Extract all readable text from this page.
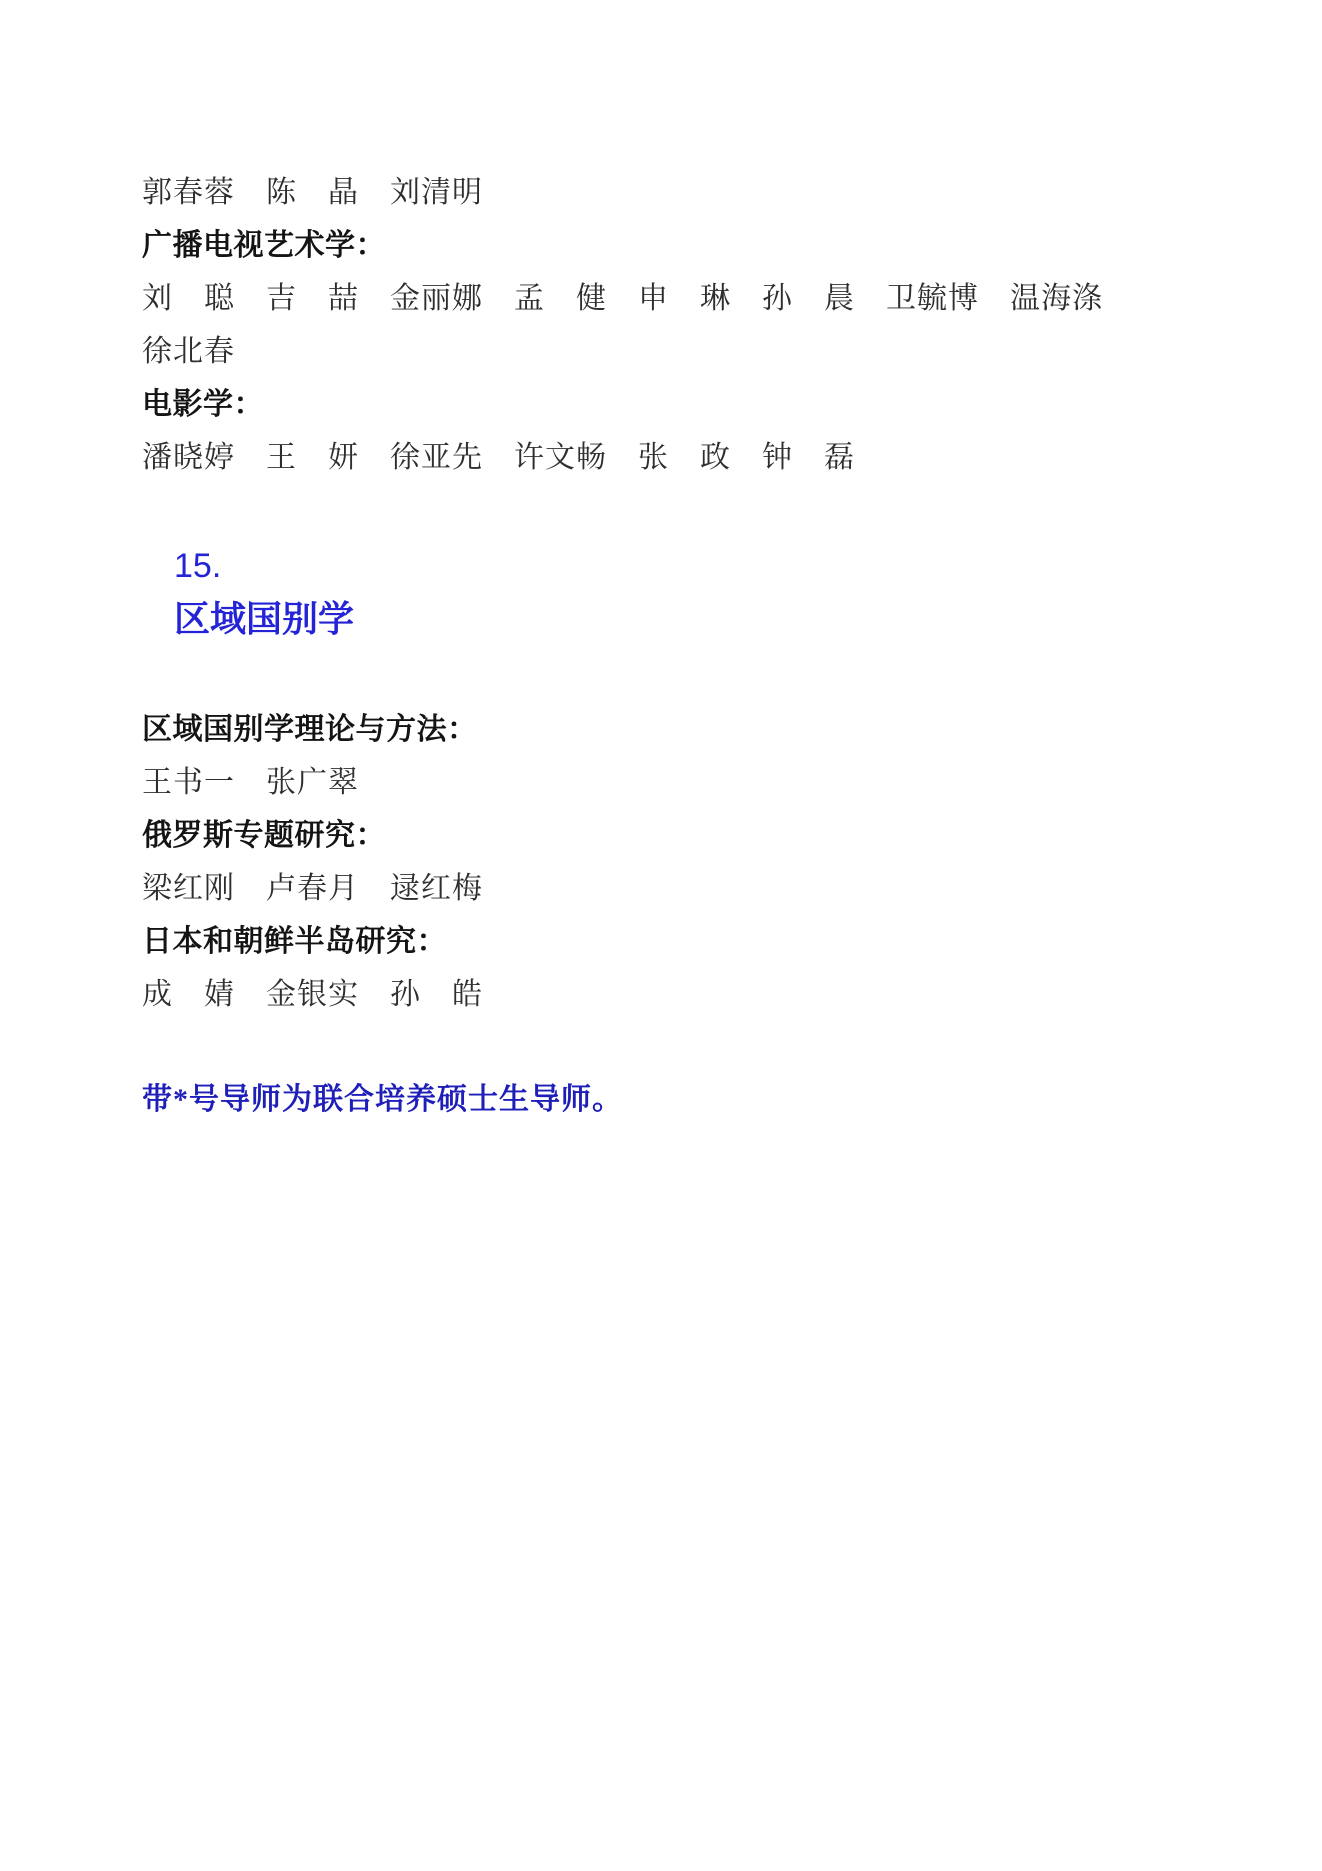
郭春蓉　陈　晶　刘清明

广播电视艺术学：

刘　聪　吉　喆　金丽娜　孟　健　申　琳　孙　晨　卫毓博　温海涤

徐北春

电影学：

潘晓婷　王　妍　徐亚先　许文畅　张　政　钟　磊

15.
区域国别学

区域国别学理论与方法：

王书一　张广翠

俄罗斯专题研究：

梁红刚　卢春月　逯红梅

日本和朝鲜半岛研究：

成　婧　金银实　孙　皓

带*号导师为联合培养硕士生导师。
